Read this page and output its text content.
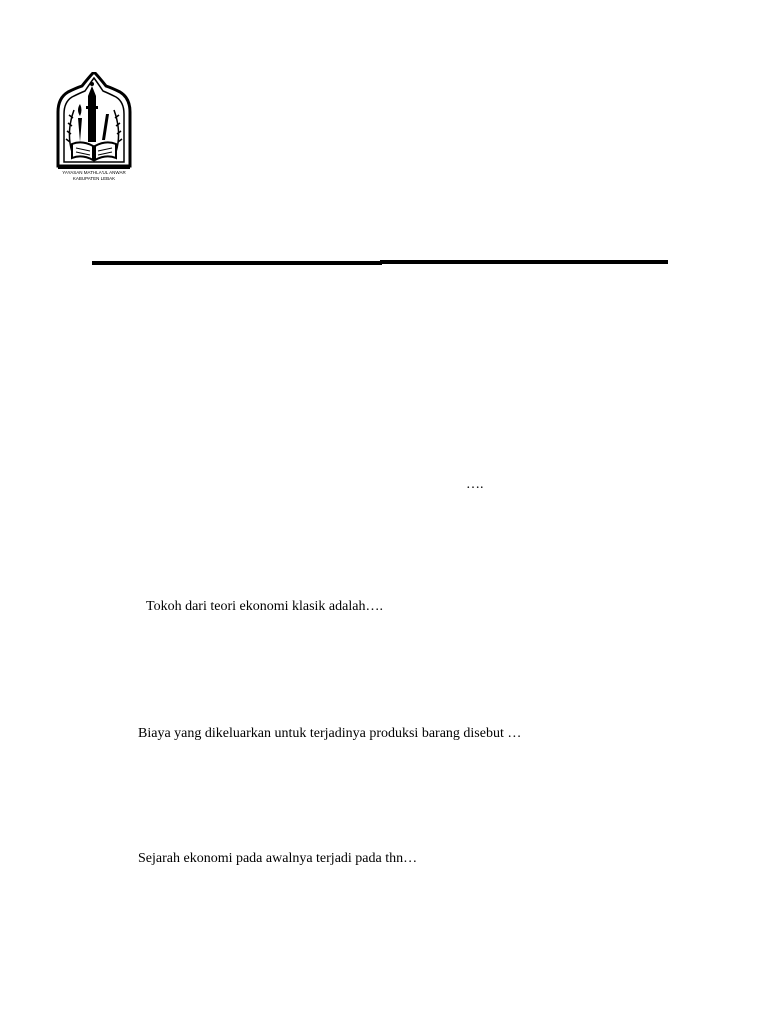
YAYASAN MATHLA'UL ANWAR
KABUPATEN LEBAK
….
Tokoh dari teori ekonomi klasik adalah….
Biaya yang dikeluarkan untuk terjadinya produksi barang disebut …
Sejarah ekonomi pada awalnya terjadi pada thn…
